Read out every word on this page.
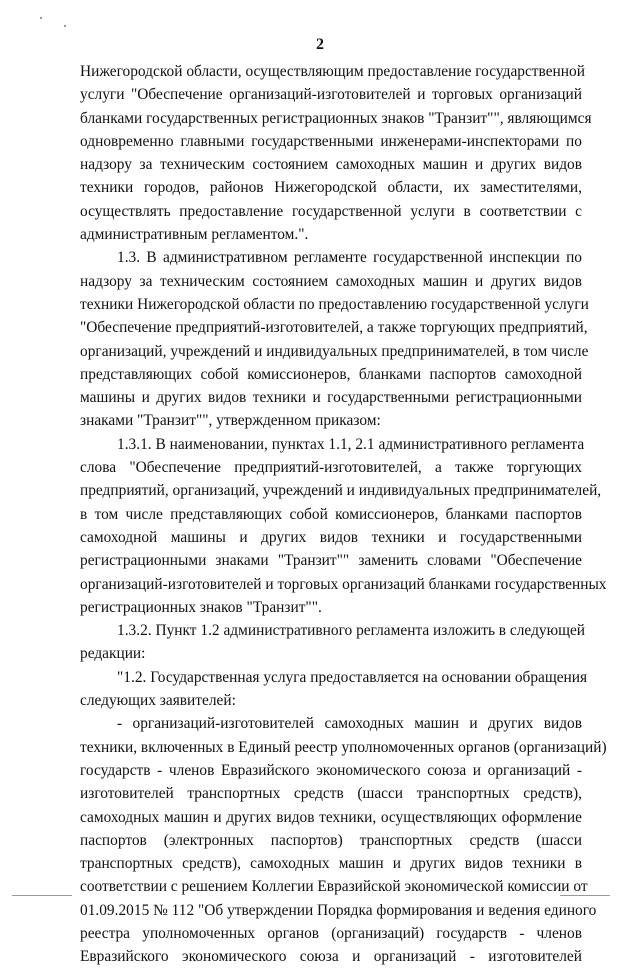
2
Нижегородской области, осуществляющим предоставление государственной
услуги "Обеспечение организаций-изготовителей и торговых организаций
бланками государственных регистрационных знаков "Транзит"", являющимся
одновременно главными государственными инженерами-инспекторами по
надзору за техническим состоянием самоходных машин и других видов
техники городов, районов Нижегородской области, их заместителями,
осуществлять предоставление государственной услуги в соответствии с
административным регламентом.".
1.3. В административном регламенте государственной инспекции по
надзору за техническим состоянием самоходных машин и других видов
техники Нижегородской области по предоставлению государственной услуги
"Обеспечение предприятий-изготовителей, а также торгующих предприятий,
организаций, учреждений и индивидуальных предпринимателей, в том числе
представляющих собой комиссионеров, бланками паспортов самоходной
машины и других видов техники и государственными регистрационными
знаками "Транзит"", утвержденном приказом:
1.3.1. В наименовании, пунктах 1.1, 2.1 административного регламента
слова "Обеспечение предприятий-изготовителей, а также торгующих
предприятий, организаций, учреждений и индивидуальных предпринимателей,
в том числе представляющих собой комиссионеров, бланками паспортов
самоходной машины и других видов техники и государственными
регистрационными знаками "Транзит"" заменить словами "Обеспечение
организаций-изготовителей и торговых организаций бланками государственных
регистрационных знаков "Транзит"".
1.3.2. Пункт 1.2 административного регламента изложить в следующей
редакции:
"1.2. Государственная услуга предоставляется на основании обращения
следующих заявителей:
- организаций-изготовителей самоходных машин и других видов
техники, включенных в Единый реестр уполномоченных органов (организаций)
государств - членов Евразийского экономического союза и организаций -
изготовителей транспортных средств (шасси транспортных средств),
самоходных машин и других видов техники, осуществляющих оформление
паспортов (электронных паспортов) транспортных средств (шасси
транспортных средств), самоходных машин и других видов техники в
соответствии с решением Коллегии Евразийской экономической комиссии от
01.09.2015 № 112 "Об утверждении Порядка формирования и ведения единого
реестра уполномоченных органов (организаций) государств - членов
Евразийского экономического союза и организаций - изготовителей
